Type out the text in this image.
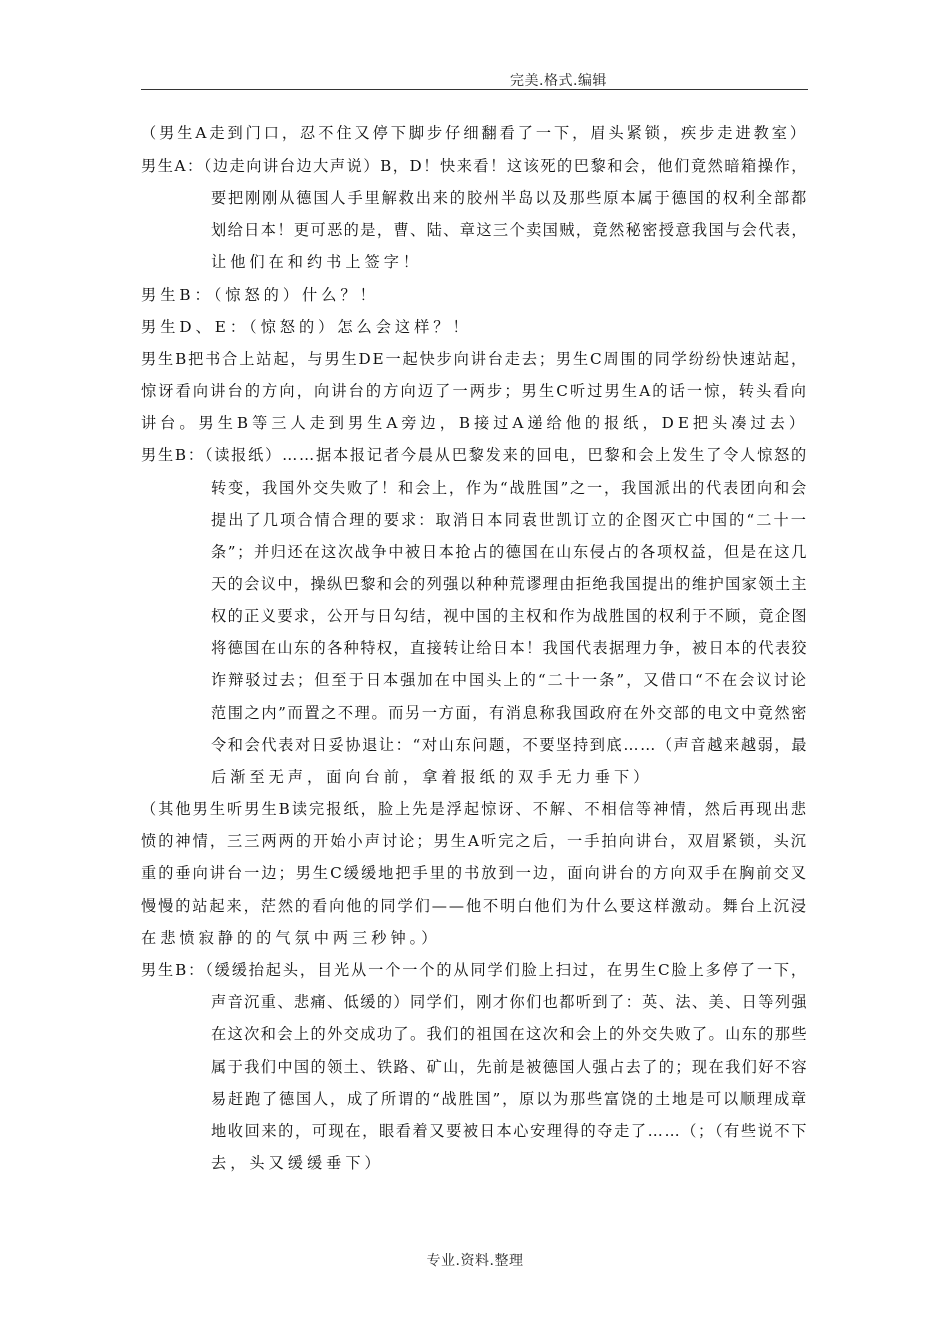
完美.格式.编辑
（男生A走到门口，忍不住又停下脚步仔细翻看了一下，眉头紧锁，疾步走进教室）
男生A：（边走向讲台边大声说）B，D！快来看！这该死的巴黎和会，他们竟然暗箱操作，
要把刚刚从德国人手里解救出来的胶州半岛以及那些原本属于德国的权利全部都
划给日本！更可恶的是，曹、陆、章这三个卖国贼，竟然秘密授意我国与会代表，
让他们在和约书上签字！
男生B：（惊怒的）什么？！
男生D、E：（惊怒的）怎么会这样？！
男生B把书合上站起，与男生DE一起快步向讲台走去；男生C周围的同学纷纷快速站起，
惊讶看向讲台的方向，向讲台的方向迈了一两步；男生C听过男生A的话一惊，转头看向
讲台。男生B等三人走到男生A旁边，B接过A递给他的报纸，DE把头凑过去）
男生B：（读报纸）……据本报记者今晨从巴黎发来的回电，巴黎和会上发生了令人惊怒的
转变，我国外交失败了！和会上，作为“战胜国”之一，我国派出的代表团向和会
提出了几项合情合理的要求：取消日本同袁世凯订立的企图灭亡中国的“二十一
条”；并归还在这次战争中被日本抢占的德国在山东侵占的各项权益，但是在这几
天的会议中，操纵巴黎和会的列强以种种荒谬理由拒绝我国提出的维护国家领土主
权的正义要求，公开与日勾结，视中国的主权和作为战胜国的权利于不顾，竟企图
将德国在山东的各种特权，直接转让给日本！我国代表据理力争，被日本的代表狡
诈辩驳过去；但至于日本强加在中国头上的“二十一条”，又借口“不在会议讨论
范围之内”而置之不理。而另一方面，有消息称我国政府在外交部的电文中竟然密
令和会代表对日妥协退让：“对山东问题，不要坚持到底……（声音越来越弱，最
后渐至无声，面向台前，拿着报纸的双手无力垂下）
（其他男生听男生B读完报纸，脸上先是浮起惊讶、不解、不相信等神情，然后再现出悲
愤的神情，三三两两的开始小声讨论；男生A听完之后，一手拍向讲台，双眉紧锁，头沉
重的垂向讲台一边；男生C缓缓地把手里的书放到一边，面向讲台的方向双手在胸前交叉
慢慢的站起来，茫然的看向他的同学们——他不明白他们为什么要这样激动。舞台上沉浸
在悲愤寂静的的气氛中两三秒钟。）
男生B：（缓缓抬起头，目光从一个一个的从同学们脸上扫过，在男生C脸上多停了一下，
声音沉重、悲痛、低缓的）同学们，刚才你们也都听到了：英、法、美、日等列强
在这次和会上的外交成功了。我们的祖国在这次和会上的外交失败了。山东的那些
属于我们中国的领土、铁路、矿山，先前是被德国人强占去了的；现在我们好不容
易赶跑了德国人，成了所谓的“战胜国”，原以为那些富饶的土地是可以顺理成章
地收回来的，可现在，眼看着又要被日本心安理得的夺走了……（；（有些说不下
去，头又缓缓垂下）
专业.资料.整理
